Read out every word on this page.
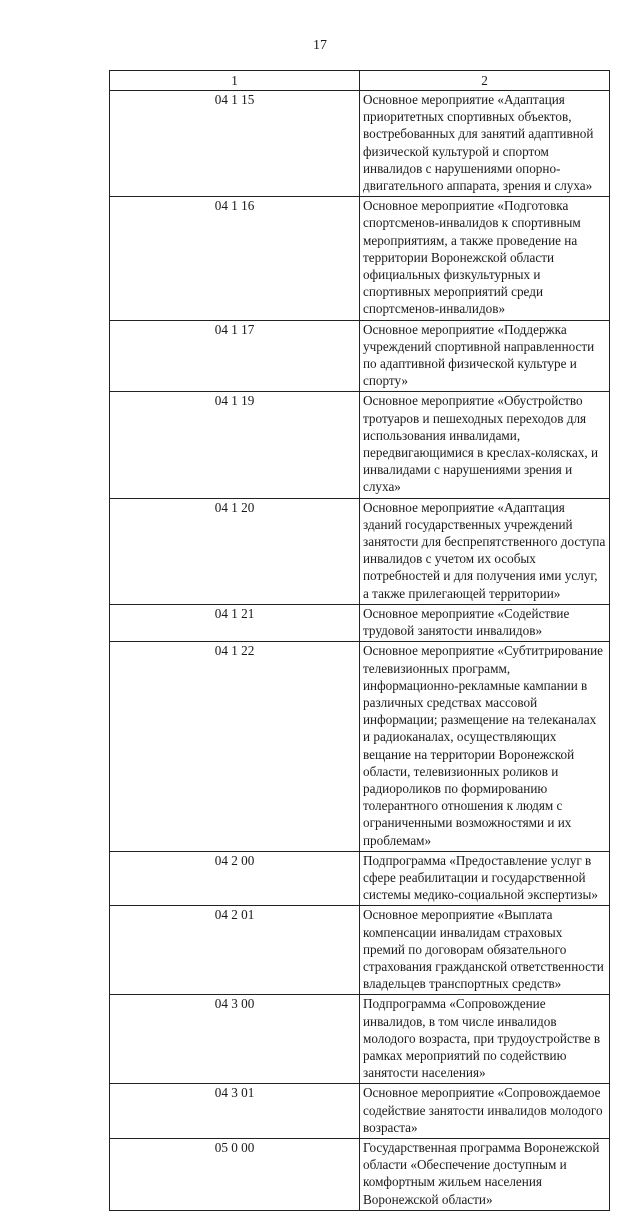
17
1	2
04 1 15	Основное мероприятие «Адаптация приоритетных спортивных объектов, востребованных для занятий адаптивной физической культурой и спортом инвалидов с нарушениями опорно-двигательного аппарата, зрения и слуха»
04 1 16	Основное мероприятие «Подготовка спортсменов-инвалидов к спортивным мероприятиям, а также проведение на территории Воронежской области официальных физкультурных и спортивных мероприятий среди спортсменов-инвалидов»
04 1 17	Основное мероприятие «Поддержка учреждений спортивной направленности по адаптивной физической культуре и спорту»
04 1 19	Основное мероприятие «Обустройство тротуаров и пешеходных переходов для использования инвалидами, передвигающимися в креслах-колясках, и инвалидами с нарушениями зрения и слуха»
04 1 20	Основное мероприятие «Адаптация зданий государственных учреждений занятости для беспрепятственного доступа инвалидов с учетом их особых потребностей и для получения ими услуг, а также прилегающей территории»
04 1 21	Основное мероприятие «Содействие трудовой занятости инвалидов»
04 1 22	Основное мероприятие «Субтитрирование телевизионных программ, информационно-рекламные кампании в различных средствах массовой информации; размещение на телеканалах и радиоканалах, осуществляющих вещание на территории Воронежской области, телевизионных роликов и радиороликов по формированию толерантного отношения к людям с ограниченными возможностями и их проблемам»
04 2 00	Подпрограмма «Предоставление услуг в сфере реабилитации и государственной системы медико-социальной экспертизы»
04 2 01	Основное мероприятие «Выплата компенсации инвалидам страховых премий по договорам обязательного страхования гражданской ответственности владельцев транспортных средств»
04 3 00	Подпрограмма «Сопровождение инвалидов, в том числе инвалидов молодого возраста, при трудоустройстве в рамках мероприятий по содействию занятости населения»
04 3 01	Основное мероприятие «Сопровождаемое содействие занятости инвалидов молодого возраста»
05 0 00	Государственная программа Воронежской области «Обеспечение доступным и комфортным жильем населения Воронежской области»
